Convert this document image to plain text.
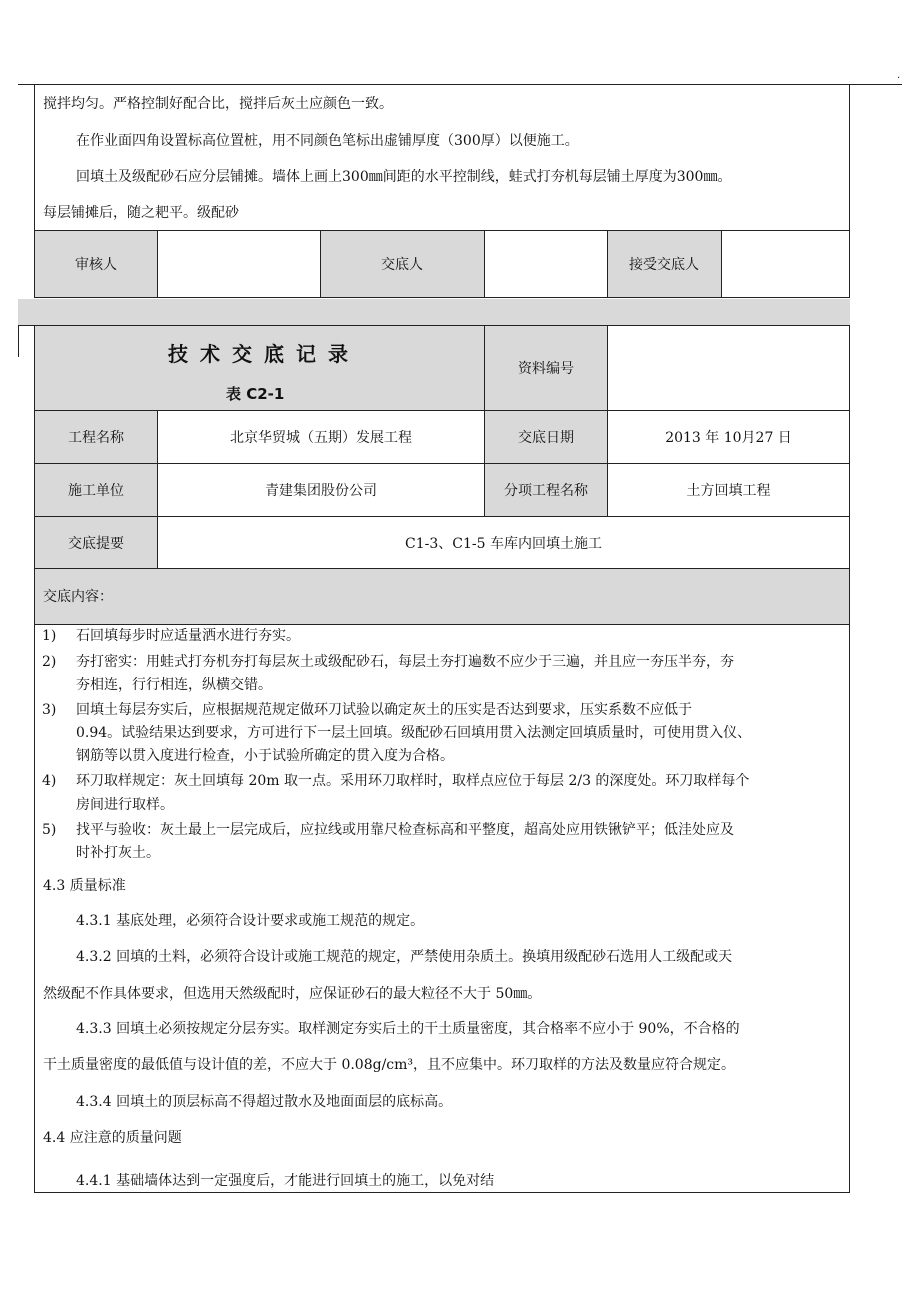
.
搅拌均匀。严格控制好配合比，搅拌后灰土应颜色一致。
在作业面四角设置标高位置桩，用不同颜色笔标出虚铺厚度（300厚）以便施工。
回填土及级配砂石应分层铺摊。墙体上画上300㎜间距的水平控制线，蛙式打夯机每层铺土厚度为300㎜。
每层铺摊后，随之耙平。级配砂
审核人	交底人	接受交底人
技术交底记录
表 C2-1
资料编号
工程名称	北京华贸城（五期）发展工程	交底日期	2013 年 10月27 日
施工单位	青建集团股份公司	分项工程名称	土方回填工程
交底提要	C1-3、C1-5 车库内回填土施工
交底内容：
1) 石回填每步时应适量洒水进行夯实。
2) 夯打密实：用蛙式打夯机夯打每层灰土或级配砂石，每层土夯打遍数不应少于三遍，并且应一夯压半夯，夯
夯相连，行行相连，纵横交错。
3) 回填土每层夯实后，应根据规范规定做环刀试验以确定灰土的压实是否达到要求，压实系数不应低于
0.94。试验结果达到要求，方可进行下一层土回填。级配砂石回填用贯入法测定回填质量时，可使用贯入仪、
钢筋等以贯入度进行检查，小于试验所确定的贯入度为合格。
4) 环刀取样规定：灰土回填每 20m 取一点。采用环刀取样时，取样点应位于每层 2/3 的深度处。环刀取样每个
房间进行取样。
5) 找平与验收：灰土最上一层完成后，应拉线或用靠尺检查标高和平整度，超高处应用铁锹铲平；低洼处应及
时补打灰土。
4.3 质量标准
4.3.1 基底处理，必须符合设计要求或施工规范的规定。
4.3.2 回填的土料，必须符合设计或施工规范的规定，严禁使用杂质土。换填用级配砂石选用人工级配或天
然级配不作具体要求，但选用天然级配时，应保证砂石的最大粒径不大于 50㎜。
4.3.3 回填土必须按规定分层夯实。取样测定夯实后土的干土质量密度，其合格率不应小于 90%，不合格的
干土质量密度的最低值与设计值的差，不应大于 0.08g/cm³，且不应集中。环刀取样的方法及数量应符合规定。
4.3.4 回填土的顶层标高不得超过散水及地面面层的底标高。
4.4 应注意的质量问题
4.4.1 基础墙体达到一定强度后，才能进行回填土的施工，以免对结
